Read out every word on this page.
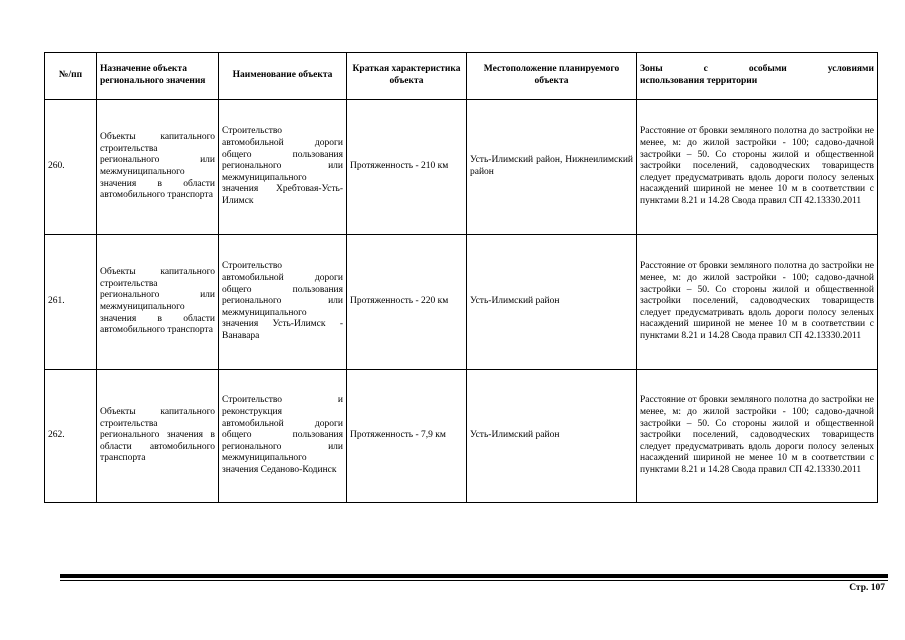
№/пп	Назначение объекта регионального значения	Наименование объекта	Краткая характеристика объекта	Местоположение планируемого объекта	Зоны с особыми условиями
использования территории

260.	Объекты капитального строительства регионального или межмуниципального значения в области автомобильного транспорта	Строительство автомобильной дороги общего пользования регионального или межмуниципального значения Хребтовая-Усть- Илимск	Протяженность - 210 км	Усть-Илимский район, Нижнеилимский район	Расстояние от бровки земляного полотна до застройки не менее, м: до жилой застройки - 100; садово-дачной застройки – 50. Со стороны жилой и общественной застройки поселений, садоводческих товариществ следует предусматривать вдоль дороги полосу зеленых насаждений шириной не менее 10 м в соответствии с пунктами 8.21 и 14.28 Свода правил СП 42.13330.2011
261.	Объекты капитального строительства регионального или межмуниципального значения в области автомобильного транспорта	Строительство автомобильной дороги общего пользования регионального или межмуниципального значения Усть-Илимск - Ванавара	Протяженность - 220 км	Усть-Илимский район	Расстояние от бровки земляного полотна до застройки не менее, м: до жилой застройки - 100; садово-дачной застройки – 50. Со стороны жилой и общественной застройки поселений, садоводческих товариществ следует предусматривать вдоль дороги полосу зеленых насаждений шириной не менее 10 м в соответствии с пунктами 8.21 и 14.28 Свода правил СП 42.13330.2011
262.	Объекты капитального строительства регионального значения в области автомобильного транспорта	Строительство и реконструкция автомобильной дороги общего пользования регионального или межмуниципального значения Седаново-Кодинск	Протяженность - 7,9 км	Усть-Илимский район	Расстояние от бровки земляного полотна до застройки не менее, м: до жилой застройки - 100; садово-дачной застройки – 50. Со стороны жилой и общественной застройки поселений, садоводческих товариществ следует предусматривать вдоль дороги полосу зеленых насаждений шириной не менее 10 м в соответствии с пунктами 8.21 и 14.28 Свода правил СП 42.13330.2011
Стр. 107
